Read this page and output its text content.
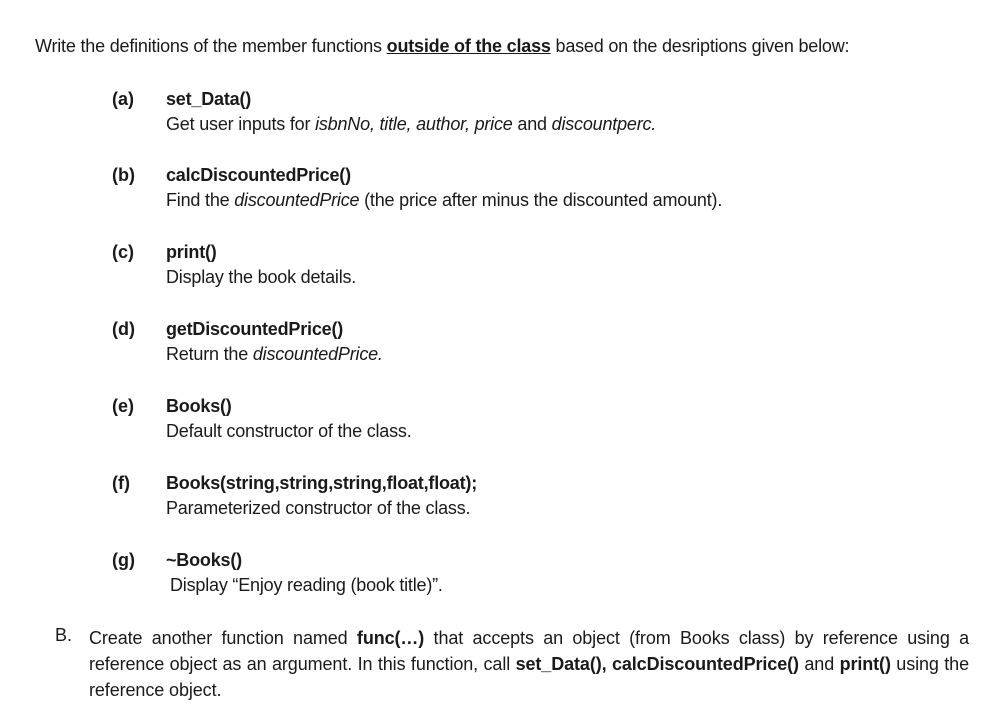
Write the definitions of the member functions outside of the class based on the desriptions given below:
(a) set_Data()
Get user inputs for isbnNo, title, author, price and discountperc.
(b) calcDiscountedPrice()
Find the discountedPrice (the price after minus the discounted amount).
(c) print()
Display the book details.
(d) getDiscountedPrice()
Return the discountedPrice.
(e) Books()
Default constructor of the class.
(f) Books(string,string,string,float,float);
Parameterized constructor of the class.
(g) ~Books()
Display “Enjoy reading (book title)”.
B. Create another function named func(…) that accepts an object (from Books class) by reference using a reference object as an argument. In this function, call set_Data(), calcDiscountedPrice() and print() using the reference object.
